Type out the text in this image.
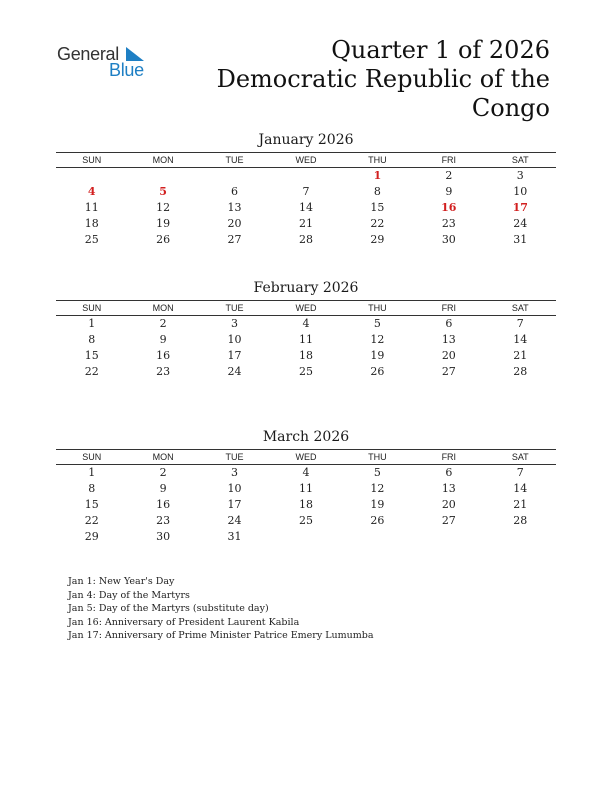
General
Blue
Quarter 1 of 2026
Democratic Republic of the
Congo
January 2026
SUN	MON	TUE	WED	THU	FRI	SAT
				1	2	3
4	5	6	7	8	9	10
11	12	13	14	15	16	17
18	19	20	21	22	23	24
25	26	27	28	29	30	31
February 2026
SUN	MON	TUE	WED	THU	FRI	SAT
1	2	3	4	5	6	7
8	9	10	11	12	13	14
15	16	17	18	19	20	21
22	23	24	25	26	27	28
March 2026
SUN	MON	TUE	WED	THU	FRI	SAT
1	2	3	4	5	6	7
8	9	10	11	12	13	14
15	16	17	18	19	20	21
22	23	24	25	26	27	28
29	30	31				
Jan 1: New Year's Day
Jan 4: Day of the Martyrs
Jan 5: Day of the Martyrs (substitute day)
Jan 16: Anniversary of President Laurent Kabila
Jan 17: Anniversary of Prime Minister Patrice Emery Lumumba
